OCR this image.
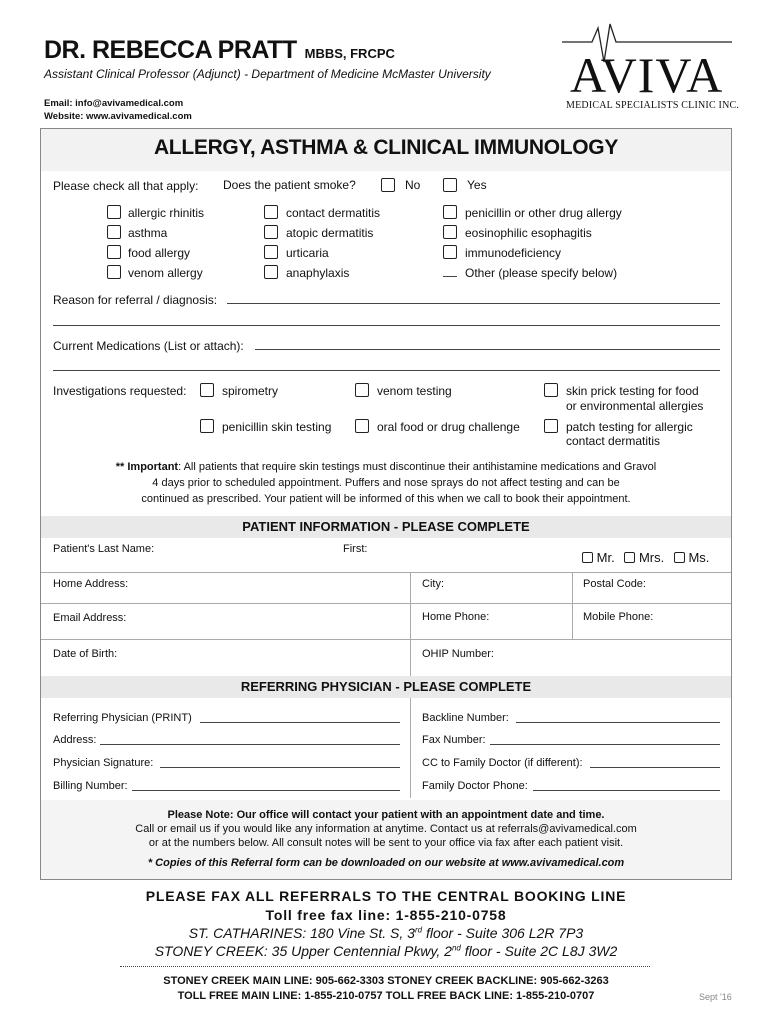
DR. REBECCA PRATT MBBS, FRCPC
Assistant Clinical Professor (Adjunct) - Department of Medicine McMaster University
Email: info@avivamedical.com
Website: www.avivamedical.com
AVIVA
MEDICAL SPECIALISTS CLINIC INC.
ALLERGY, ASTHMA & CLINICAL IMMUNOLOGY
Please check all that apply: Does the patient smoke?	No	Yes
allergic rhinitis
asthma
food allergy
venom allergy
contact dermatitis
atopic dermatitis
urticaria
anaphylaxis
penicillin or other drug allergy
eosinophilic esophagitis
immunodeficiency
Other (please specify below)
Reason for referral / diagnosis:
Current Medications (List or attach):
Investigations requested:	spirometry	venom testing	skin prick testing for food
or environmental allergies
penicillin skin testing	oral food or drug challenge	patch testing for allergic
contact dermatitis
** Important: All patients that require skin testings must discontinue their antihistamine medications and Gravol
4 days prior to scheduled appointment. Puffers and nose sprays do not affect testing and can be
continued as prescribed. Your patient will be informed of this when we call to book their appointment.
PATIENT INFORMATION - PLEASE COMPLETE
Patient's Last Name:	First:
Mr. Mrs. Ms.
Home Address:	City:	Postal Code:
Email Address:	Home Phone:	Mobile Phone:
Date of Birth:	OHIP Number:
REFERRING PHYSICIAN - PLEASE COMPLETE
Referring Physician (PRINT)
Address:
Physician Signature:
Billing Number:
Backline Number:
Fax Number:
CC to Family Doctor (if different):
Family Doctor Phone:
Please Note: Our office will contact your patient with an appointment date and time.
Call or email us if you would like any information at anytime. Contact us at referrals@avivamedical.com
or at the numbers below. All consult notes will be sent to your office via fax after each patient visit.
* Copies of this Referral form can be downloaded on our website at www.avivamedical.com
PLEASE FAX ALL REFERRALS TO THE CENTRAL BOOKING LINE
Toll free fax line: 1-855-210-0758
ST. CATHARINES: 180 Vine St. S, 3rd floor - Suite 306 L2R 7P3
STONEY CREEK: 35 Upper Centennial Pkwy, 2nd floor - Suite 2C L8J 3W2
STONEY CREEK MAIN LINE: 905-662-3303 STONEY CREEK BACKLINE: 905-662-3263
TOLL FREE MAIN LINE: 1-855-210-0757 TOLL FREE BACK LINE: 1-855-210-0707	Sept '16
